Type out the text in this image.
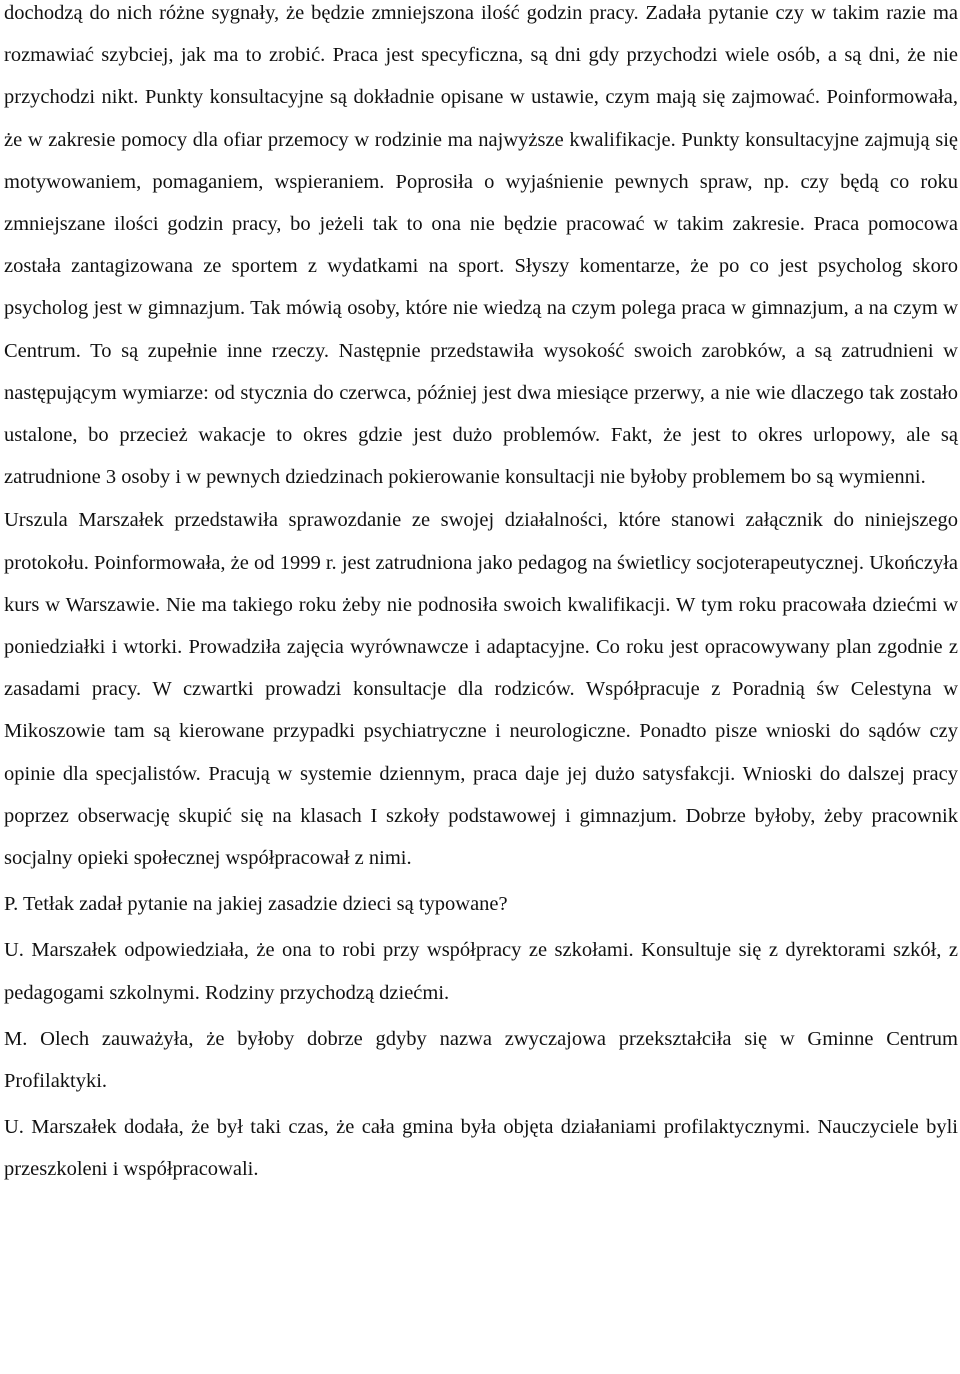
dochodzą do nich różne sygnały, że będzie zmniejszona ilość godzin pracy. Zadała pytanie czy w takim razie ma rozmawiać szybciej, jak ma to zrobić. Praca jest specyficzna, są dni gdy przychodzi wiele osób, a są dni, że nie przychodzi nikt. Punkty konsultacyjne są dokładnie opisane w ustawie, czym mają się zajmować. Poinformowała, że w zakresie pomocy dla ofiar przemocy w rodzinie ma najwyższe kwalifikacje. Punkty konsultacyjne zajmują się motywowaniem, pomaganiem, wspieraniem. Poprosiła o wyjaśnienie pewnych spraw, np. czy będą co roku zmniejszane ilości godzin pracy, bo jeżeli tak to ona nie będzie pracować w takim zakresie. Praca pomocowa została zantagizowana ze sportem z wydatkami na sport. Słyszy komentarze, że po co jest psycholog skoro psycholog jest w gimnazjum. Tak mówią osoby, które nie wiedzą na czym polega praca w gimnazjum, a na czym w Centrum. To są zupełnie inne rzeczy. Następnie przedstawiła wysokość swoich zarobków, a są zatrudnieni w następującym wymiarze: od stycznia do czerwca, później jest dwa miesiące przerwy, a nie wie dlaczego tak zostało ustalone, bo przecież wakacje to okres gdzie jest dużo problemów. Fakt, że jest to okres urlopowy, ale są zatrudnione 3 osoby i w pewnych dziedzinach pokierowanie konsultacji nie byłoby problemem bo są wymienni.

Urszula Marszałek przedstawiła sprawozdanie ze swojej działalności, które stanowi załącznik do niniejszego protokołu. Poinformowała, że od 1999 r. jest zatrudniona jako pedagog na świetlicy socjoterapeutycznej. Ukończyła kurs w Warszawie. Nie ma takiego roku żeby nie podnosiła swoich kwalifikacji. W tym roku pracowała dziećmi w poniedziałki i wtorki. Prowadziła zajęcia wyrównawcze i adaptacyjne. Co roku jest opracowywany plan zgodnie z zasadami pracy. W czwartki prowadzi konsultacje dla rodziców. Współpracuje z Poradnią św Celestyna w Mikoszowie tam są kierowane przypadki psychiatryczne i neurologiczne. Ponadto pisze wnioski do sądów czy opinie dla specjalistów. Pracują w systemie dziennym, praca daje jej dużo satysfakcji. Wnioski do dalszej pracy poprzez obserwację skupić się na klasach I szkoły podstawowej i gimnazjum. Dobrze byłoby, żeby pracownik socjalny opieki społecznej współpracował z nimi.

P. Tetłak zadał pytanie na jakiej zasadzie dzieci są typowane?

U. Marszałek odpowiedziała, że ona to robi przy współpracy ze szkołami. Konsultuje się z dyrektorami szkół, z pedagogami szkolnymi. Rodziny przychodzą dziećmi.

M. Olech zauważyła, że byłoby dobrze gdyby nazwa zwyczajowa przekształciła się w Gminne Centrum Profilaktyki.

U. Marszałek dodała, że był taki czas, że cała gmina była objęta działaniami profilaktycznymi. Nauczyciele byli przeszkoleni i współpracowali.
